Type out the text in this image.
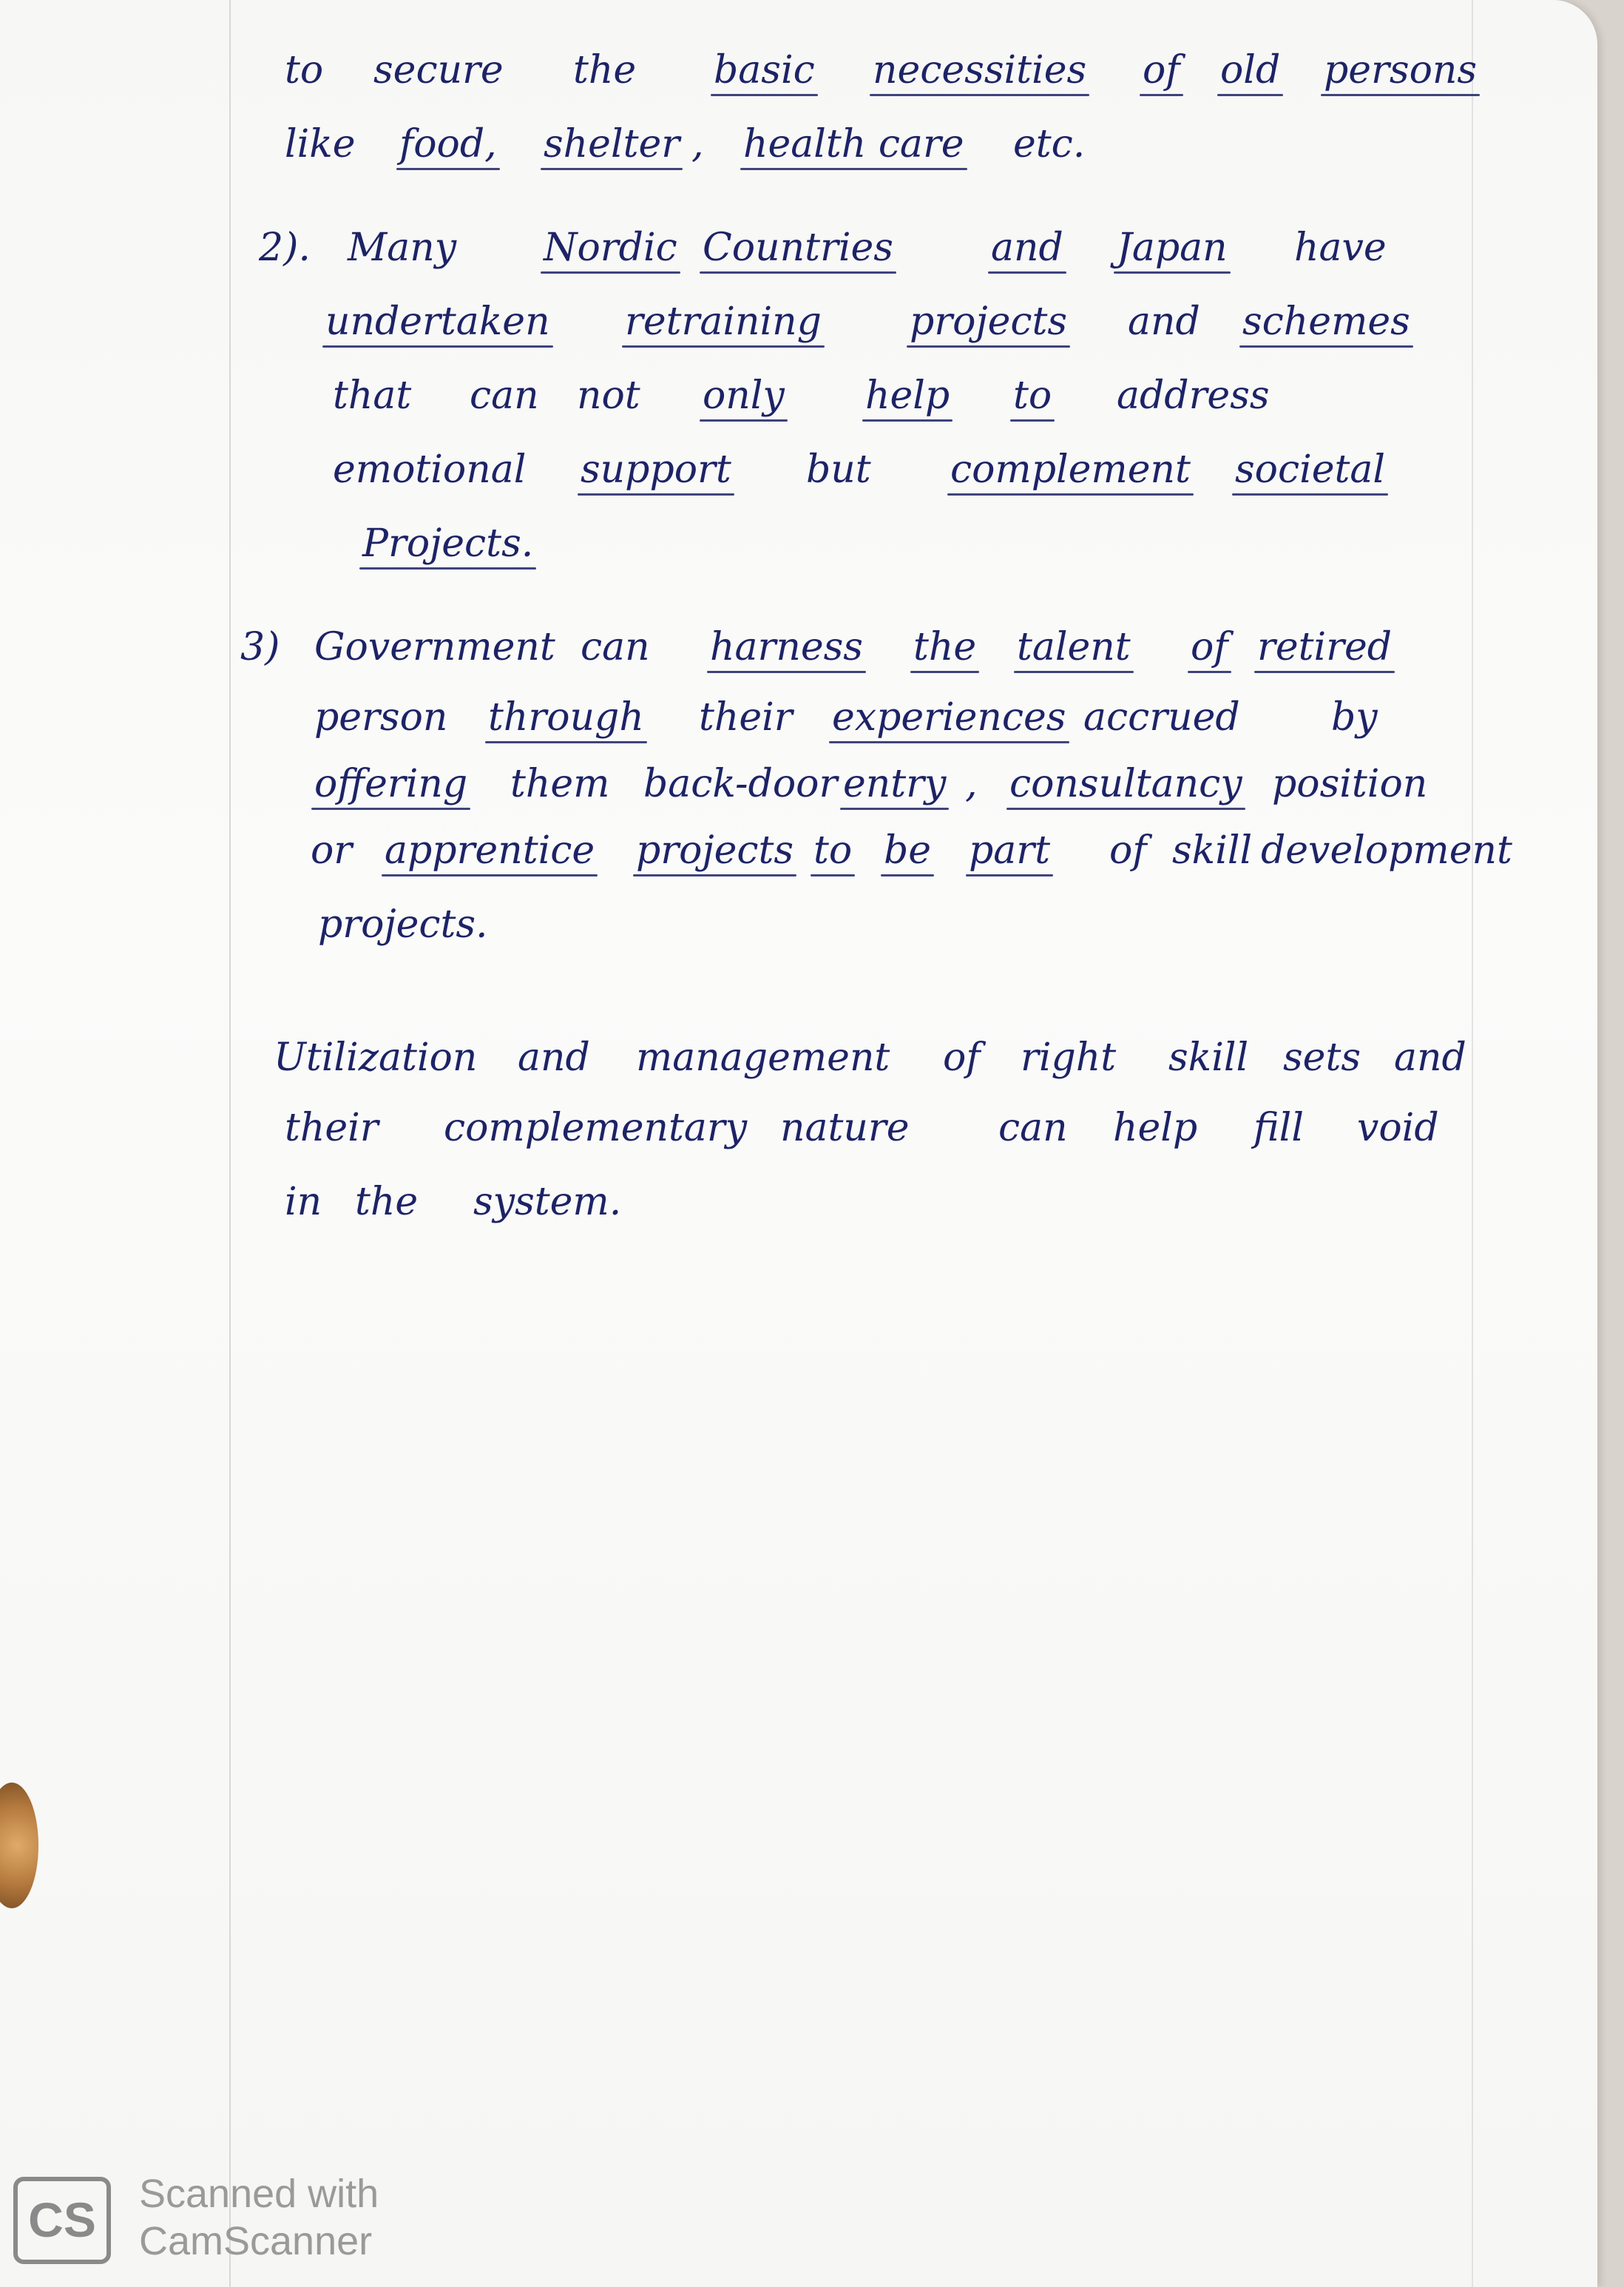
to secure the basic necessities of old persons
like food, shelter , health care etc.
2). Many Nordic Countries	and Japan have
undertaken retraining projects and schemes
that can not only help to address
emotional support but complement societal
Projects.
3) Government can harness the talent of retired
person through their experiences accrued by
offering them back-door entry , consultancy position
or apprentice projects to be part of skill development
projects.
Utilization and management of right skill sets and
their complementary nature can help fill void
in the system.
CS	Scanned with
CamScanner
